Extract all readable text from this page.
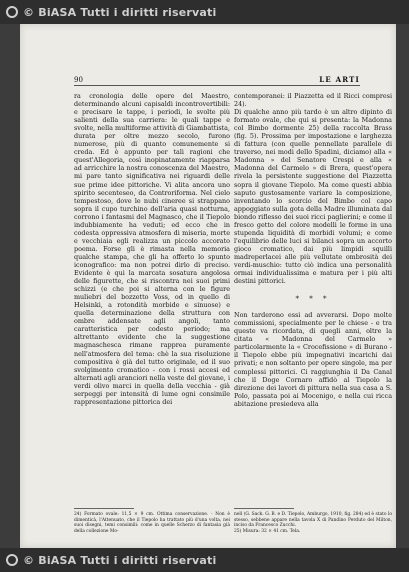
© BiASA Tutti i diritti riservati
90	LE ARTI

ra cronologia delle opere del Maestro, determinando alcuni capisaldi incontrovertibili: e precisare le tappe, i periodi, le svolte più salienti della sua carriera: le quali tappe e svolte, nella multiforme attività di Giambattista, durata per oltre mezzo secolo, furono numerose, più di quanto comunemente si creda. Ed è appunto per tali ragioni che quest'Allegoria, così inopinatamente riapparsa ad arricchire la nostra conoscenza del Maestro, mi pare tanto significativa nei riguardi delle sue prime idee pittoriche. Vi alita ancora uno spirito secenteseo, da Controriforma. Nel cielo tempestoso, dove le nubi cineree si strappano sopra il cupo turchino dell'aria quasi notturna, corrono i fantasmi del Magnasco, che il Tiepolo indubbiamente ha veduti; ed ecco che in codesta oppressiva atmosfera di miseria, morte e vecchiaia egli realizza un piccolo accorato poema. Forse gli è rimasta nella memoria qualche stampa, che gli ha offerto lo spunto iconografico: ma non potrei dirlo di preciso. Evidente è qui la marcata sosatura angolosa delle figurette, che si riscontra nei suoi primi schizzi (e che poi si alterna con le figure muliebri del bozzetto Voss, od in quello di Helsinki, a rotondità morbide e sinuose) e quella determinazione della struttura con ombre addensate agli angoli, tanto caratteristica per codesto periodo; ma altrettanto evidente che la suggestione magnaschesca rimane rapprea puramente nell'atmosfera del tema: chè la sua risoluzione compositiva è già del tutto originale, ed il suo svolgimento cromatico - con i rossi accesi ed alternati agli aranciori nella veste del giovane, i verdi olivo marci in quella della vecchia - già serpeggi per intensità di lume ogni consimile rappresentazione pittorica dei

contemporanei: il Piazzetta ed il Ricci compresi 24).
Di qualche anno più tardo è un altro dipinto di formato ovale, che qui si presenta: la Madonna col Bimbo dormente 25) della raccolta Brass (fig. 5). Prossima per impostazione e larghezza di fattura (con quelle pennellate parallele di traverso, nei modi dello Spadini, diciamo) alla « Madonna » del Senatore Crespi e alla « Madonna del Carmelo » di Brera, quest'opera rivela la persistente suggestione del Piazzetta sopra il giovane Tiepolo. Ma come questi abbia saputo gustosamente variare la composizione, inventando lo scorcio del Bimbo col capo appoggiato sulla gota della Madre illuminata dal biondo riflesso dei suoi ricci paglierini; e come il fresco getto del colore modelli le forme in una stupenda liquidità di morbidi volumi; e come l'equilibrio delle luci si bilanci sopra un accorto gioco cromatico, dai più limpidi squilli madreperlacei alle più vellutate ombrosità dei verdi-muschio: tutto ciò indica una personalità ormai individualissima e matura per i più alti destini pittorici.

* * *

Non tarderono essi ad avverarsi. Dopo molte commissioni, specialmente per le chiese - e tra queste va ricordata, di quegli anni, oltre la citata « Madonna del Carmelo » particolarmente la « Crocefissione » di Burano - il Tiepolo ebbe più impegnativi incarichi dai privati; e non soltanto per opere singole, ma per complessi pittorici. Ci raggiunghia il Da Canal che il Doge Cornaro affidò al Tiepolo la direzione dei lavori di pittura nella sua casa a S. Polo, passata poi ai Mocenigo, e nella cui ricca abitazione presiedeva alla

24) Formato ovale: 11,5 × 9 cm. Ottima conservazione. - Non è dimenticà, l'Attenuato, che il Tiepolo ha trattato più d'una volta, nei suoi disegni, temi consimili: come in quelle Scherzo di fantasia già della collezione Mo-
nell (G. Sack. G. B. e D. Tiepolo, Amburgo, 1910, fig. 284) ed è stato lo stesso, sebbene appare nella tavola X di Pandino Perduto del Milton, inciso da Francesco Zucchi.
25) Misura: 32 × 41 cm. Tela.
© BiASA Tutti i diritti riservati
